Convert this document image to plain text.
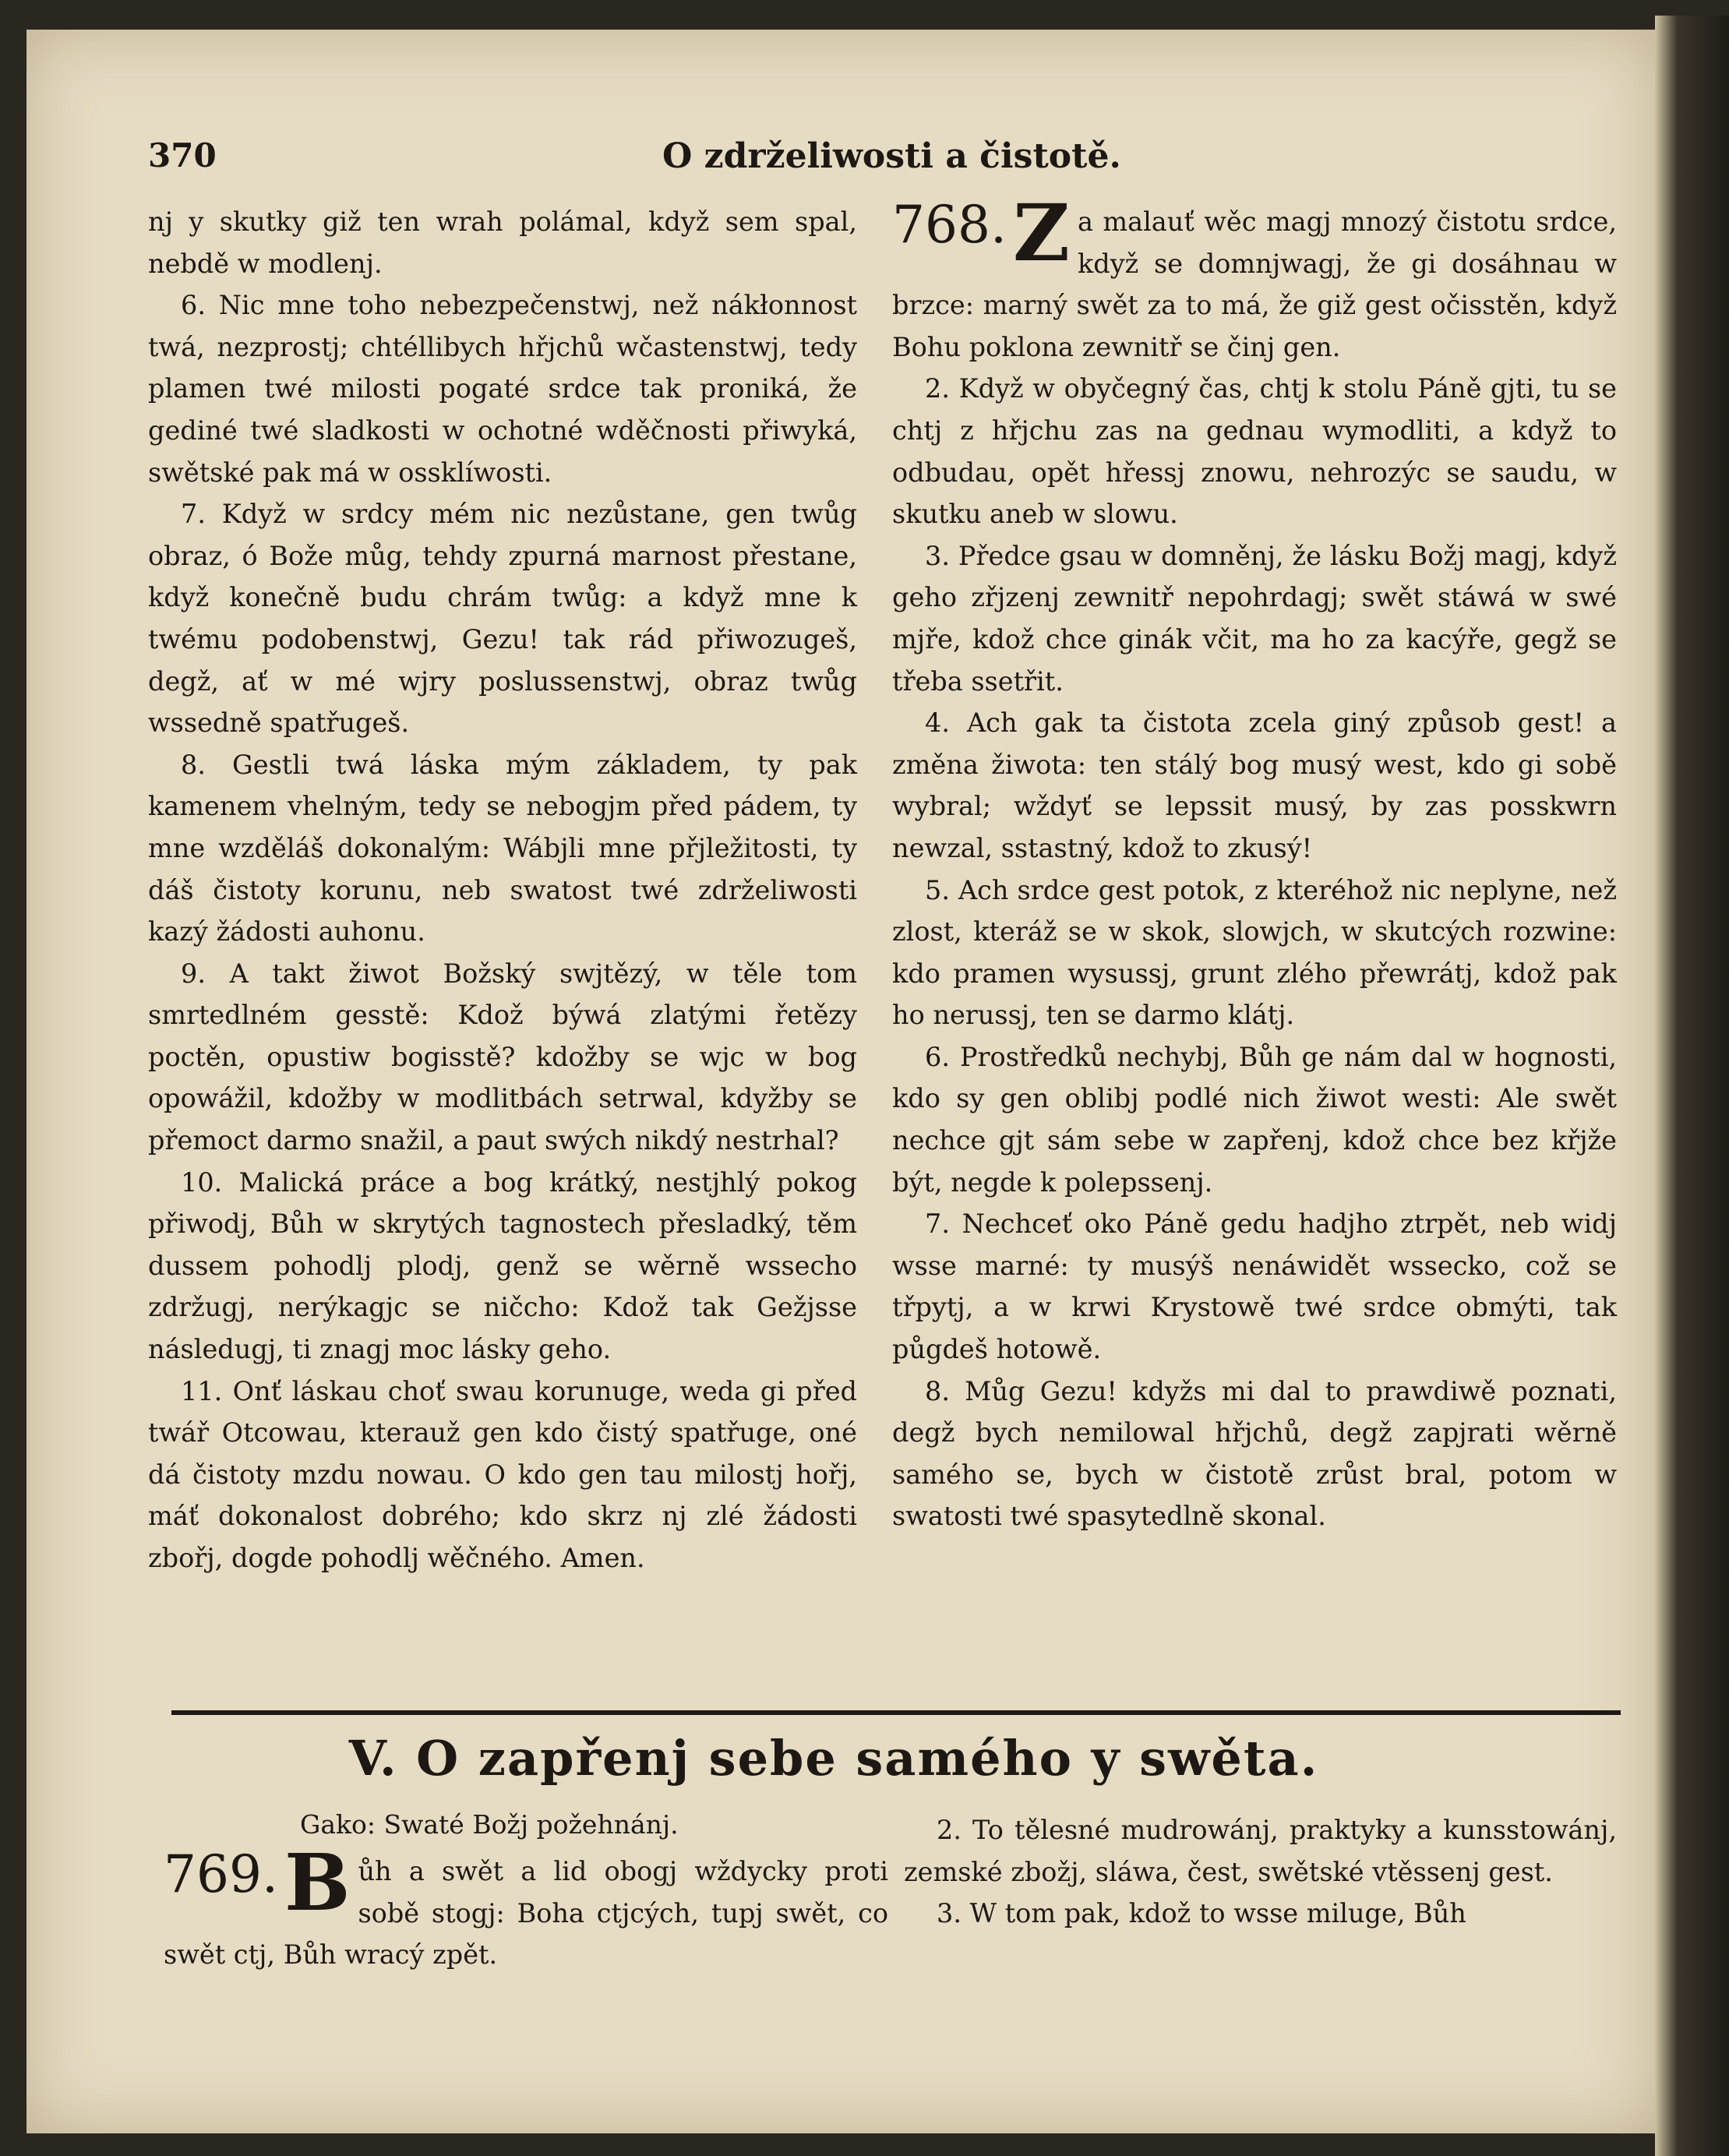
370	O zdrželiwosti a čistotě.

nj y skutky giž ten wrah polámal, když sem spal, nebdě w modlenj.

6. Nic mne toho nebezpečenstwj, než nákłonnost twá, nezprostj; chtéllibych hřjchů wčastenstwj, tedy plamen twé milosti pogaté srdce tak proniká, že gediné twé sladkosti w ochotné wděčnosti přiwyká, swětské pak má w ossklíwosti.

7. Když w srdcy mém nic nezůstane, gen twůg obraz, ó Bože můg, tehdy zpurná marnost přestane, když konečně budu chrám twůg: a když mne k twému podobenstwj, Gezu! tak rád přiwozugeš, degž, ať w mé wjry poslussenstwj, obraz twůg wssedně spatřugeš.

8. Gestli twá láska mým základem, ty pak kamenem vhelným, tedy se nebogjm před pádem, ty mne wzděláš dokonalým: Wábjli mne přjležitosti, ty dáš čistoty korunu, neb swatost twé zdrželiwosti kazý žádosti auhonu.

9. A takt žiwot Božský swjtězý, w těle tom smrtedlném gesstě: Kdož býwá zlatými řetězy poctěn, opustiw bogisstě? kdožby se wjc w bog opowážil, kdožby w modlitbách setrwal, kdyžby se přemoct darmo snažil, a paut swých nikdý nestrhal?

10. Malická práce a bog krátký, nestjhlý pokog přiwodj, Bůh w skrytých tagnostech přesladký, těm dussem pohodlj plodj, genž se wěrně wssecho zdržugj, nerýkagjc se ničcho: Kdož tak Gežjsse následugj, ti znagj moc lásky geho.

11. Onť láskau choť swau korunuge, weda gi před twář Otcowau, kterauž gen kdo čistý spatřuge, oné dá čistoty mzdu nowau. O kdo gen tau milostj hořj, máť dokonalost dobrého; kdo skrz nj zlé žádosti zbořj, dogde pohodlj wěčného. Amen.

768. Z a malauť wěc magj mnozý čistotu srdce, když se domnjwagj, že gi dosáhnau w brzce: marný swět za to má, že giž gest očisstěn, když Bohu poklona zewnitř se činj gen.

2. Když w obyčegný čas, chtj k stolu Páně gjti, tu se chtj z hřjchu zas na gednau wymodliti, a když to odbudau, opět hřessj znowu, nehrozýc se saudu, w skutku aneb w slowu.

3. Předce gsau w domněnj, že lásku Božj magj, když geho zřjzenj zewnitř nepohrdagj; swět stáwá w swé mjře, kdož chce ginák včit, ma ho za kacýře, gegž se třeba ssetřit.

4. Ach gak ta čistota zcela giný způsob gest! a změna žiwota: ten stálý bog musý west, kdo gi sobě wybral; wždyť se lepssit musý, by zas posskwrn newzal, sstastný, kdož to zkusý!

5. Ach srdce gest potok, z kteréhož nic neplyne, než zlost, kteráž se w skok, slowjch, w skutcých rozwine: kdo pramen wysussj, grunt zlého přewrátj, kdož pak ho nerussj, ten se darmo klátj.

6. Prostředků nechybj, Bůh ge nám dal w hognosti, kdo sy gen oblibj podlé nich žiwot westi: Ale swět nechce gjt sám sebe w zapřenj, kdož chce bez křjže být, negde k polepssenj.

7. Nechceť oko Páně gedu hadjho ztrpět, neb widj wsse marné: ty musýš nenáwidět wssecko, což se třpytj, a w krwi Krystowě twé srdce obmýti, tak půgdeš hotowě.

8. Můg Gezu! kdyžs mi dal to prawdiwě poznati, degž bych nemilowal hřjchů, degž zapjrati wěrně samého se, bych w čistotě zrůst bral, potom w swatosti twé spasytedlně skonal.

V. O zapřenj sebe samého y swěta.
Gako: Swaté Božj požehnánj.

769. B ůh a swět a lid obogj wždycky proti sobě stogj: Boha ctjcých, tupj swět, co swět ctj, Bůh wracý zpět.

2. To tělesné mudrowánj, praktyky a kunsstowánj, zemské zbožj, sláwa, čest, swětské vtěssenj gest.

3. W tom pak, kdož to wsse miluge, Bůh
